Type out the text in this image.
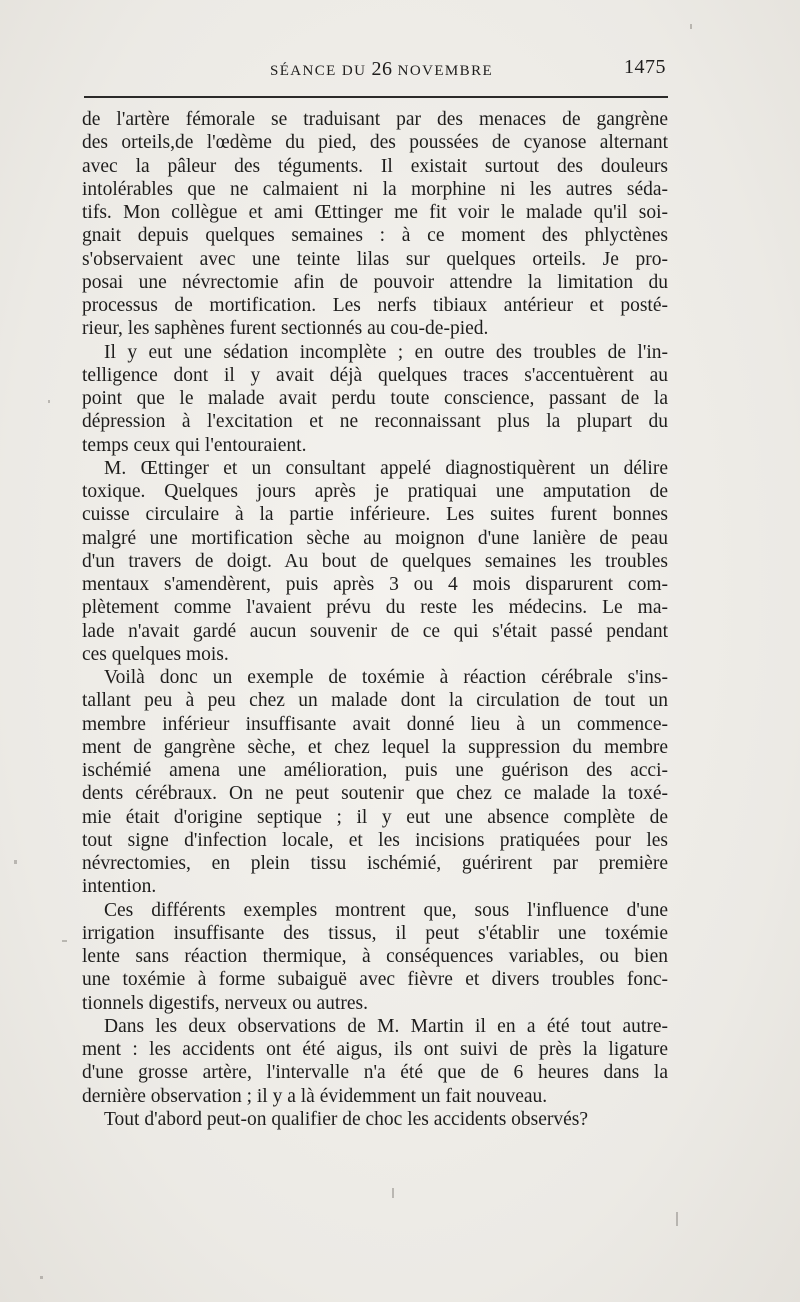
SÉANCE DU 26 NOVEMBRE	1475
de l'artère fémorale se traduisant par des menaces de gangrène
des orteils,de l'œdème du pied, des poussées de cyanose alternant
avec la pâleur des téguments. Il existait surtout des douleurs
intolérables que ne calmaient ni la morphine ni les autres séda-
tifs. Mon collègue et ami Œttinger me fit voir le malade qu'il soi-
gnait depuis quelques semaines : à ce moment des phlyctènes
s'observaient avec une teinte lilas sur quelques orteils. Je pro-
posai une névrectomie afin de pouvoir attendre la limitation du
processus de mortification. Les nerfs tibiaux antérieur et posté-
rieur, les saphènes furent sectionnés au cou-de-pied.
Il y eut une sédation incomplète ; en outre des troubles de l'in-
telligence dont il y avait déjà quelques traces s'accentuèrent au
point que le malade avait perdu toute conscience, passant de la
dépression à l'excitation et ne reconnaissant plus la plupart du
temps ceux qui l'entouraient.
M. Œttinger et un consultant appelé diagnostiquèrent un délire
toxique. Quelques jours après je pratiquai une amputation de
cuisse circulaire à la partie inférieure. Les suites furent bonnes
malgré une mortification sèche au moignon d'une lanière de peau
d'un travers de doigt. Au bout de quelques semaines les troubles
mentaux s'amendèrent, puis après 3 ou 4 mois disparurent com-
plètement comme l'avaient prévu du reste les médecins. Le ma-
lade n'avait gardé aucun souvenir de ce qui s'était passé pendant
ces quelques mois.
Voilà donc un exemple de toxémie à réaction cérébrale s'ins-
tallant peu à peu chez un malade dont la circulation de tout un
membre inférieur insuffisante avait donné lieu à un commence-
ment de gangrène sèche, et chez lequel la suppression du membre
ischémié amena une amélioration, puis une guérison des acci-
dents cérébraux. On ne peut soutenir que chez ce malade la toxé-
mie était d'origine septique ; il y eut une absence complète de
tout signe d'infection locale, et les incisions pratiquées pour les
névrectomies, en plein tissu ischémié, guérirent par première
intention.
Ces différents exemples montrent que, sous l'influence d'une
irrigation insuffisante des tissus, il peut s'établir une toxémie
lente sans réaction thermique, à conséquences variables, ou bien
une toxémie à forme subaiguë avec fièvre et divers troubles fonc-
tionnels digestifs, nerveux ou autres.
Dans les deux observations de M. Martin il en a été tout autre-
ment : les accidents ont été aigus, ils ont suivi de près la ligature
d'une grosse artère, l'intervalle n'a été que de 6 heures dans la
dernière observation ; il y a là évidemment un fait nouveau.
Tout d'abord peut-on qualifier de choc les accidents observés?
